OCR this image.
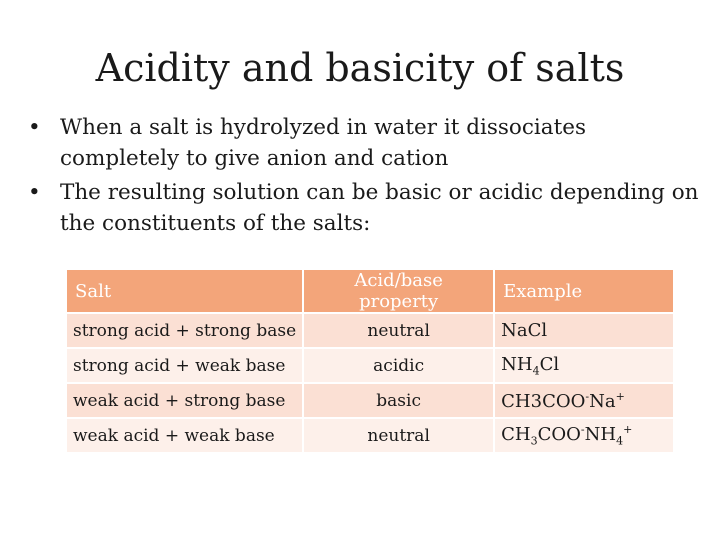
Acidity and basicity of salts
• When a salt is hydrolyzed in water it dissociates completely to give anion and cation
• The resulting solution can be basic or acidic depending on the constituents of the salts:
Salt	Acid/base property	Example
strong acid + strong base	neutral	NaCl
strong acid + weak base	acidic	$NH_4Cl$
weak acid + strong base	basic	CH3COO-Na+
weak acid + weak base	neutral	$CH_3COO^-NH_4^+$
